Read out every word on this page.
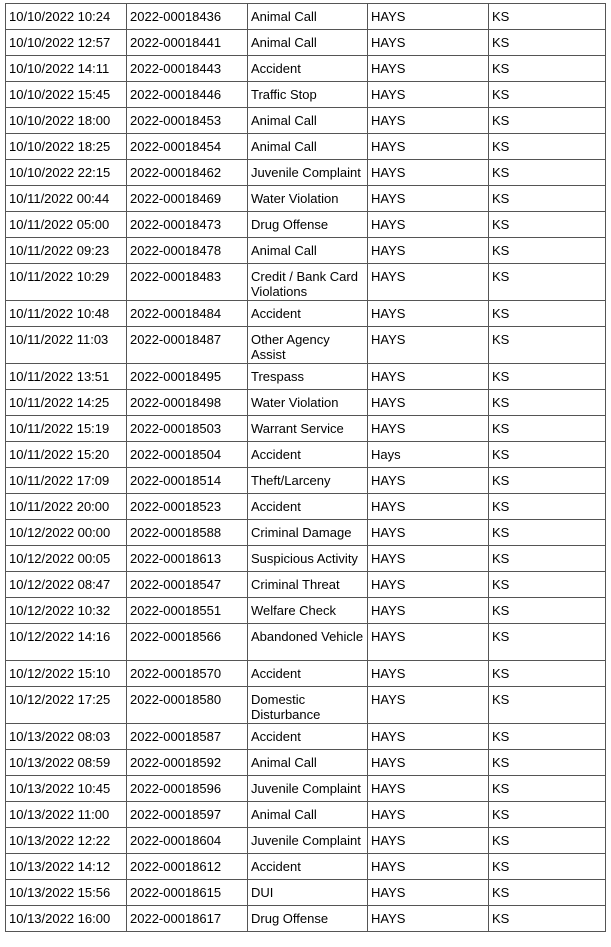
10/10/2022 10:24	2022-00018436	Animal Call	HAYS	KS
10/10/2022 12:57	2022-00018441	Animal Call	HAYS	KS
10/10/2022 14:11	2022-00018443	Accident	HAYS	KS
10/10/2022 15:45	2022-00018446	Traffic Stop	HAYS	KS
10/10/2022 18:00	2022-00018453	Animal Call	HAYS	KS
10/10/2022 18:25	2022-00018454	Animal Call	HAYS	KS
10/10/2022 22:15	2022-00018462	Juvenile Complaint	HAYS	KS
10/11/2022 00:44	2022-00018469	Water Violation	HAYS	KS
10/11/2022 05:00	2022-00018473	Drug Offense	HAYS	KS
10/11/2022 09:23	2022-00018478	Animal Call	HAYS	KS
10/11/2022 10:29	2022-00018483	Credit / Bank Card Violations	HAYS	KS
10/11/2022 10:48	2022-00018484	Accident	HAYS	KS
10/11/2022 11:03	2022-00018487	Other Agency Assist	HAYS	KS
10/11/2022 13:51	2022-00018495	Trespass	HAYS	KS
10/11/2022 14:25	2022-00018498	Water Violation	HAYS	KS
10/11/2022 15:19	2022-00018503	Warrant Service	HAYS	KS
10/11/2022 15:20	2022-00018504	Accident	Hays	KS
10/11/2022 17:09	2022-00018514	Theft/Larceny	HAYS	KS
10/11/2022 20:00	2022-00018523	Accident	HAYS	KS
10/12/2022 00:00	2022-00018588	Criminal Damage	HAYS	KS
10/12/2022 00:05	2022-00018613	Suspicious Activity	HAYS	KS
10/12/2022 08:47	2022-00018547	Criminal Threat	HAYS	KS
10/12/2022 10:32	2022-00018551	Welfare Check	HAYS	KS
10/12/2022 14:16	2022-00018566	Abandoned Vehicle	HAYS	KS
10/12/2022 15:10	2022-00018570	Accident	HAYS	KS
10/12/2022 17:25	2022-00018580	Domestic Disturbance	HAYS	KS
10/13/2022 08:03	2022-00018587	Accident	HAYS	KS
10/13/2022 08:59	2022-00018592	Animal Call	HAYS	KS
10/13/2022 10:45	2022-00018596	Juvenile Complaint	HAYS	KS
10/13/2022 11:00	2022-00018597	Animal Call	HAYS	KS
10/13/2022 12:22	2022-00018604	Juvenile Complaint	HAYS	KS
10/13/2022 14:12	2022-00018612	Accident	HAYS	KS
10/13/2022 15:56	2022-00018615	DUI	HAYS	KS
10/13/2022 16:00	2022-00018617	Drug Offense	HAYS	KS
